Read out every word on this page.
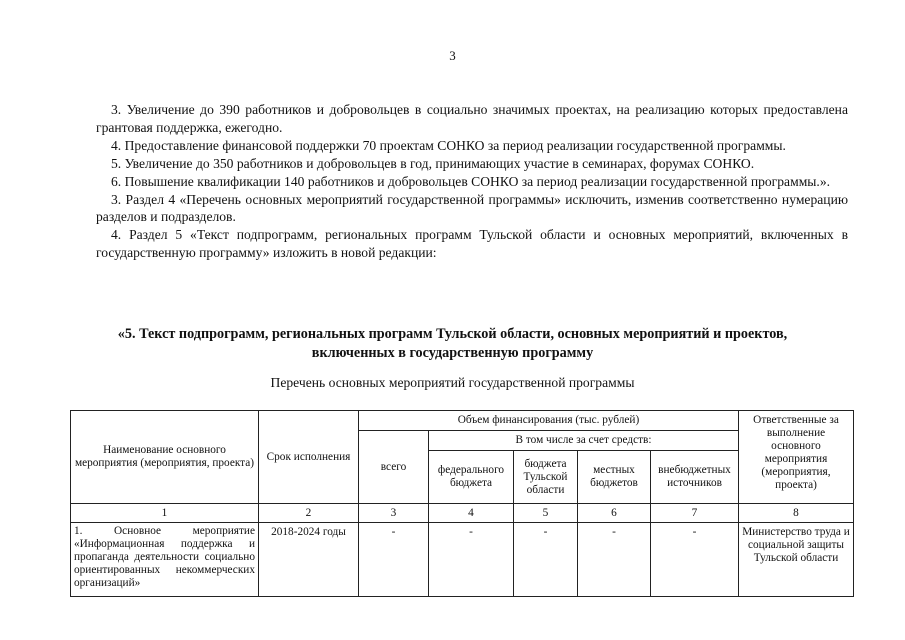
3

3. Увеличение до 390 работников и добровольцев в социально значимых проектах, на реализацию которых предоставлена грантовая поддержка, ежегодно.

4. Предоставление финансовой поддержки 70 проектам СОНКО за период реализации государственной программы.

5. Увеличение до 350 работников и добровольцев в год, принимающих участие в семинарах, форумах СОНКО.

6. Повышение квалификации 140 работников и добровольцев СОНКО за период реализации государственной программы.».

3. Раздел 4 «Перечень основных мероприятий государственной программы» исключить, изменив соответственно нумерацию разделов и подразделов.

4. Раздел 5 «Текст подпрограмм, региональных программ Тульской области и основных мероприятий, включенных в государственную программу» изложить в новой редакции:

«5. Текст подпрограмм, региональных программ Тульской области, основных мероприятий и проектов,
включенных в государственную программу
Перечень основных мероприятий государственной программы
Наименование основного мероприятия (мероприятия, проекта)	Срок исполнения	Объем финансирования (тыс. рублей)					Ответственные за выполнение основного мероприятия (мероприятия, проекта)
		всего	В том числе за счет средств:				
			федерального бюджета	бюджета Тульской области	местных бюджетов	внебюджетных источников	
1	2	3	4	5	6	7	8
1. Основное мероприятие «Информационная поддержка и пропаганда деятельности социально ориентированных некоммерческих организаций»	2018-2024 годы	-	-	-	-	-	Министерство труда и социальной защиты Тульской области
